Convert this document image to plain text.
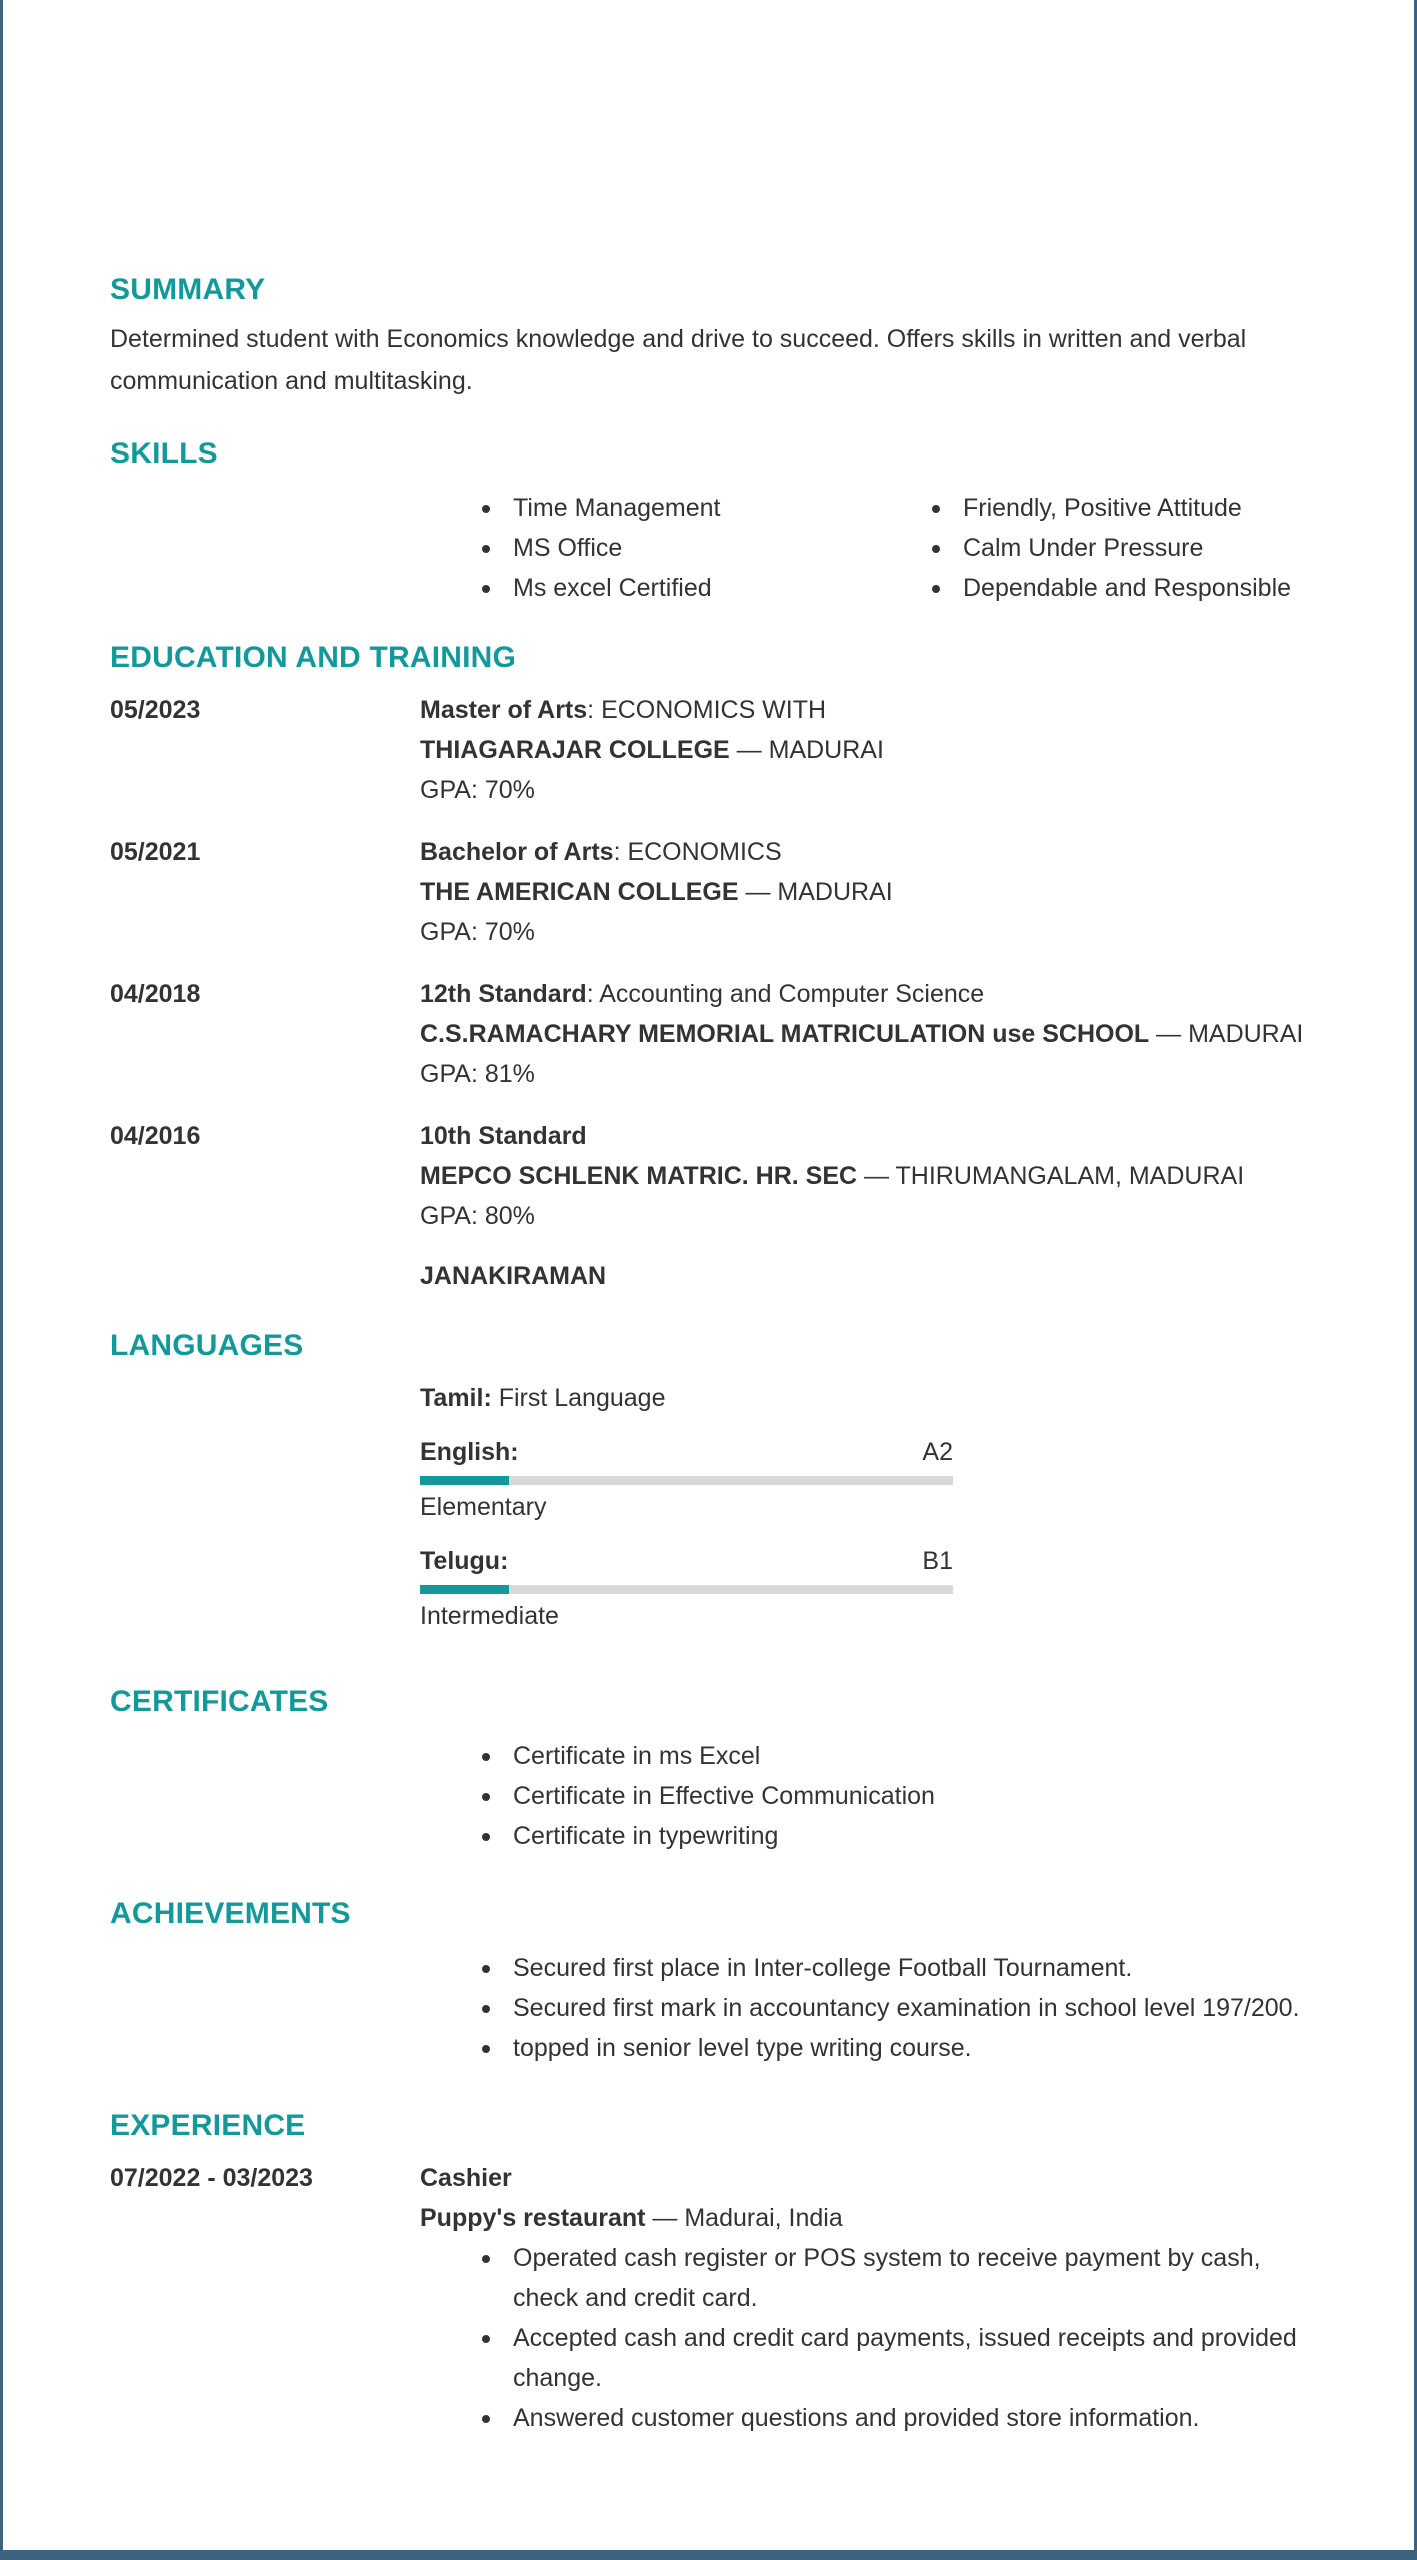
SUMMARY

Determined student with Economics knowledge and drive to succeed. Offers skills in written and verbal communication and multitasking.

SKILLS
Time Management
MS Office
Ms excel Certified
Friendly, Positive Attitude
Calm Under Pressure
Dependable and Responsible
EDUCATION AND TRAINING
05/2023	Master of Arts: ECONOMICS WITH
THIAGARAJAR COLLEGE — MADURAI
GPA: 70%
05/2021	Bachelor of Arts: ECONOMICS
THE AMERICAN COLLEGE — MADURAI
GPA: 70%
04/2018	12th Standard: Accounting and Computer Science
C.S.RAMACHARY MEMORIAL MATRICULATION use SCHOOL — MADURAI
GPA: 81%
04/2016	10th Standard
MEPCO SCHLENK MATRIC. HR. SEC — THIRUMANGALAM, MADURAI
GPA: 80%
JANAKIRAMAN
LANGUAGES
Tamil: First Language
English:	A2
Elementary
Telugu:	B1
Intermediate
CERTIFICATES
Certificate in ms Excel
Certificate in Effective Communication
Certificate in typewriting
ACHIEVEMENTS
Secured first place in Inter-college Football Tournament.
Secured first mark in accountancy examination in school level 197/200.
topped in senior level type writing course.
EXPERIENCE
07/2022 - 03/2023	Cashier
Puppy's restaurant — Madurai, India
Operated cash register or POS system to receive payment by cash, check and credit card.
Accepted cash and credit card payments, issued receipts and provided change.
Answered customer questions and provided store information.
